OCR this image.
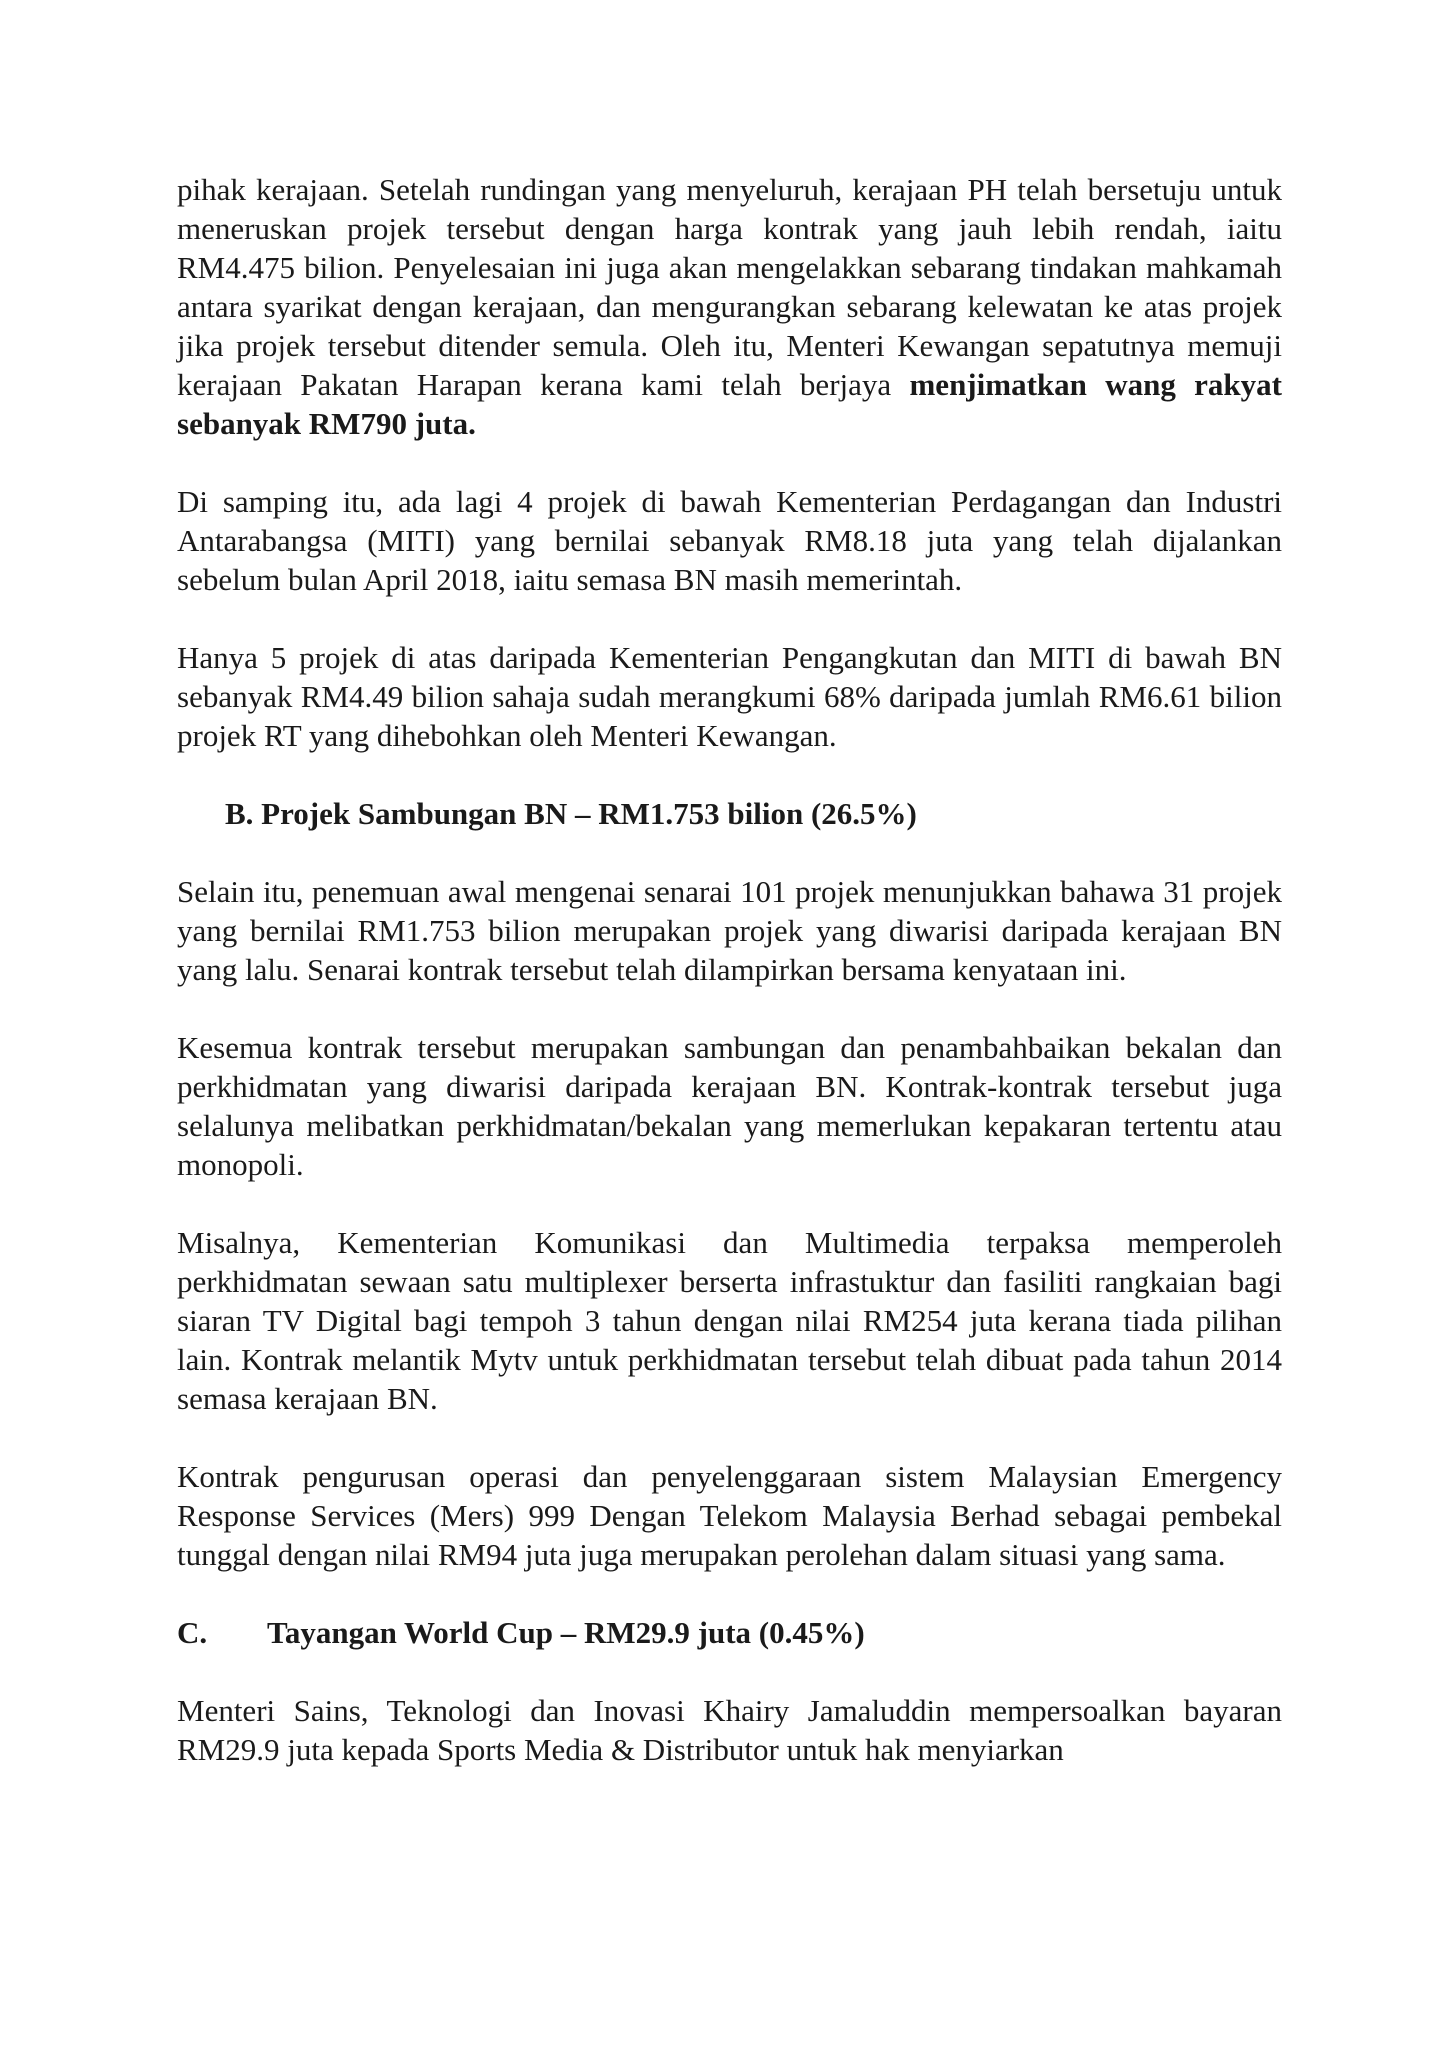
pihak kerajaan. Setelah rundingan yang menyeluruh, kerajaan PH telah bersetuju untuk meneruskan projek tersebut dengan harga kontrak yang jauh lebih rendah, iaitu RM4.475 bilion. Penyelesaian ini juga akan mengelakkan sebarang tindakan mahkamah antara syarikat dengan kerajaan, dan mengurangkan sebarang kelewatan ke atas projek jika projek tersebut ditender semula. Oleh itu, Menteri Kewangan sepatutnya memuji kerajaan Pakatan Harapan kerana kami telah berjaya menjimatkan wang rakyat sebanyak RM790 juta.

Di samping itu, ada lagi 4 projek di bawah Kementerian Perdagangan dan Industri Antarabangsa (MITI) yang bernilai sebanyak RM8.18 juta yang telah dijalankan sebelum bulan April 2018, iaitu semasa BN masih memerintah.

Hanya 5 projek di atas daripada Kementerian Pengangkutan dan MITI di bawah BN sebanyak RM4.49 bilion sahaja sudah merangkumi 68% daripada jumlah RM6.61 bilion projek RT yang dihebohkan oleh Menteri Kewangan.

B. Projek Sambungan BN – RM1.753 bilion (26.5%)

Selain itu, penemuan awal mengenai senarai 101 projek menunjukkan bahawa 31 projek yang bernilai RM1.753 bilion merupakan projek yang diwarisi daripada kerajaan BN yang lalu. Senarai kontrak tersebut telah dilampirkan bersama kenyataan ini.

Kesemua kontrak tersebut merupakan sambungan dan penambahbaikan bekalan dan perkhidmatan yang diwarisi daripada kerajaan BN. Kontrak-kontrak tersebut juga selalunya melibatkan perkhidmatan/bekalan yang memerlukan kepakaran tertentu atau monopoli.

Misalnya, Kementerian Komunikasi dan Multimedia terpaksa memperoleh perkhidmatan sewaan satu multiplexer berserta infrastuktur dan fasiliti rangkaian bagi siaran TV Digital bagi tempoh 3 tahun dengan nilai RM254 juta kerana tiada pilihan lain. Kontrak melantik Mytv untuk perkhidmatan tersebut telah dibuat pada tahun 2014 semasa kerajaan BN.

Kontrak pengurusan operasi dan penyelenggaraan sistem Malaysian Emergency Response Services (Mers) 999 Dengan Telekom Malaysia Berhad sebagai pembekal tunggal dengan nilai RM94 juta juga merupakan perolehan dalam situasi yang sama.

C.	Tayangan World Cup – RM29.9 juta (0.45%)

Menteri Sains, Teknologi dan Inovasi Khairy Jamaluddin mempersoalkan bayaran RM29.9 juta kepada Sports Media & Distributor untuk hak menyiarkan
